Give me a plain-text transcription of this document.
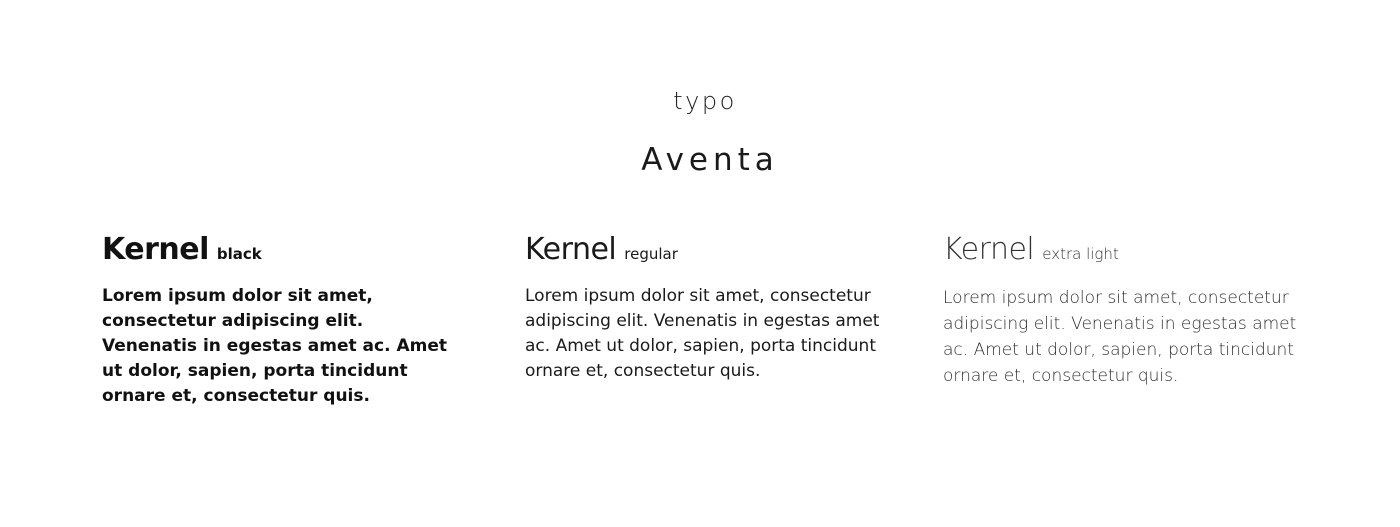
typo
Aventa
Kernel black
Lorem ipsum dolor sit amet, consectetur adipiscing elit. Venenatis in egestas amet ac. Amet ut dolor, sapien, porta tincidunt ornare et, consectetur quis.
Kernel regular
Lorem ipsum dolor sit amet, consectetur adipiscing elit. Venenatis in egestas amet ac. Amet ut dolor, sapien, porta tincidunt ornare et, consectetur quis.
Kernel extra light
Lorem ipsum dolor sit amet, consectetur adipiscing elit. Venenatis in egestas amet ac. Amet ut dolor, sapien, porta tincidunt ornare et, consectetur quis.
